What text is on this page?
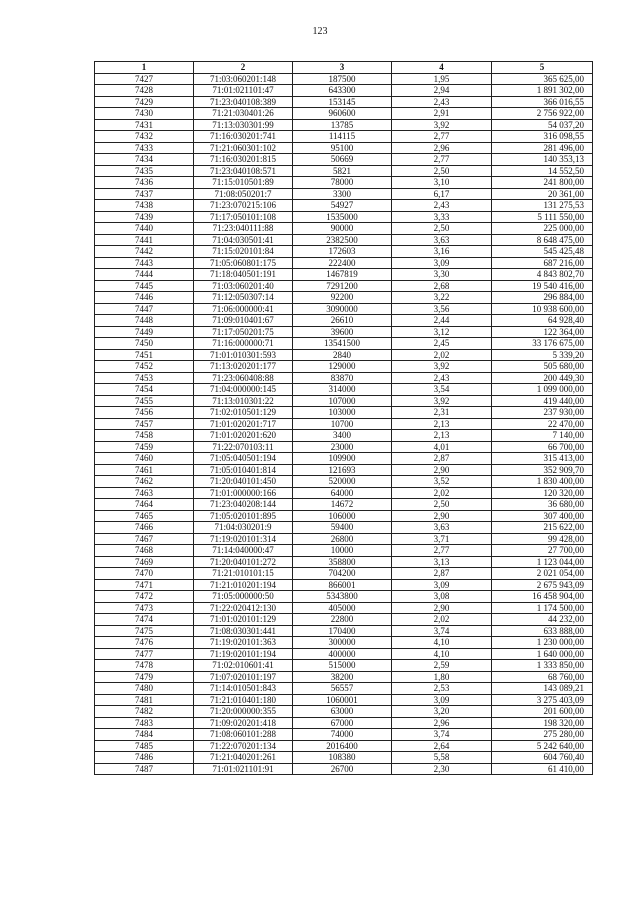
123
1	2	3	4	5
7427	71:03:060201:148	187500	1,95	365 625,00
7428	71:01:021101:47	643300	2,94	1 891 302,00
7429	71:23:040108:389	153145	2,43	366 016,55
7430	71:21:030401:26	960600	2,91	2 756 922,00
7431	71:13:030301:99	13785	3,92	54 037,20
7432	71:16:030201:741	114115	2,77	316 098,55
7433	71:21:060301:102	95100	2,96	281 496,00
7434	71:16:030201:815	50669	2,77	140 353,13
7435	71:23:040108:571	5821	2,50	14 552,50
7436	71:15:010501:89	78000	3,10	241 800,00
7437	71:08:050201:7	3300	6,17	20 361,00
7438	71:23:070215:106	54927	2,43	131 275,53
7439	71:17:050101:108	1535000	3,33	5 111 550,00
7440	71:23:040111:88	90000	2,50	225 000,00
7441	71:04:030501:41	2382500	3,63	8 648 475,00
7442	71:15:020101:84	172603	3,16	545 425,48
7443	71:05:060801:175	222400	3,09	687 216,00
7444	71:18:040501:191	1467819	3,30	4 843 802,70
7445	71:03:060201:40	7291200	2,68	19 540 416,00
7446	71:12:050307:14	92200	3,22	296 884,00
7447	71:06:000000:41	3090000	3,56	10 938 600,00
7448	71:09:010401:67	26610	2,44	64 928,40
7449	71:17:050201:75	39600	3,12	122 364,00
7450	71:16:000000:71	13541500	2,45	33 176 675,00
7451	71:01:010301:593	2840	2,02	5 339,20
7452	71:13:020201:177	129000	3,92	505 680,00
7453	71:23:060408:88	83870	2,43	200 449,30
7454	71:04:000000:145	314000	3,54	1 099 000,00
7455	71:13:010301:22	107000	3,92	419 440,00
7456	71:02:010501:129	103000	2,31	237 930,00
7457	71:01:020201:717	10700	2,13	22 470,00
7458	71:01:020201:620	3400	2,13	7 140,00
7459	71:22:070103:11	23000	4,01	66 700,00
7460	71:05:040501:194	109900	2,87	315 413,00
7461	71:05:010401:814	121693	2,90	352 909,70
7462	71:20:040101:450	520000	3,52	1 830 400,00
7463	71:01:000000:166	64000	2,02	120 320,00
7464	71:23:040208:144	14672	2,50	36 680,00
7465	71:05:020101:895	106000	2,90	307 400,00
7466	71:04:030201:9	59400	3,63	215 622,00
7467	71:19:020101:314	26800	3,71	99 428,00
7468	71:14:040000:47	10000	2,77	27 700,00
7469	71:20:040101:272	358800	3,13	1 123 044,00
7470	71:21:010101:15	704200	2,87	2 021 054,00
7471	71:21:010201:194	866001	3,09	2 675 943,09
7472	71:05:000000:50	5343800	3,08	16 458 904,00
7473	71:22:020412:130	405000	2,90	1 174 500,00
7474	71:01:020101:129	22800	2,02	44 232,00
7475	71:08:030301:441	170400	3,74	633 888,00
7476	71:19:020101:363	300000	4,10	1 230 000,00
7477	71:19:020101:194	400000	4,10	1 640 000,00
7478	71:02:010601:41	515000	2,59	1 333 850,00
7479	71:07:020101:197	38200	1,80	68 760,00
7480	71:14:010501:843	56557	2,53	143 089,21
7481	71:21:010401:180	1060001	3,09	3 275 403,09
7482	71:20:000000:355	63000	3,20	201 600,00
7483	71:09:020201:418	67000	2,96	198 320,00
7484	71:08:060101:288	74000	3,74	275 280,00
7485	71:22:070201:134	2016400	2,64	5 242 640,00
7486	71:21:040201:261	108380	5,58	604 760,40
7487	71:01:021101:91	26700	2,30	61 410,00
